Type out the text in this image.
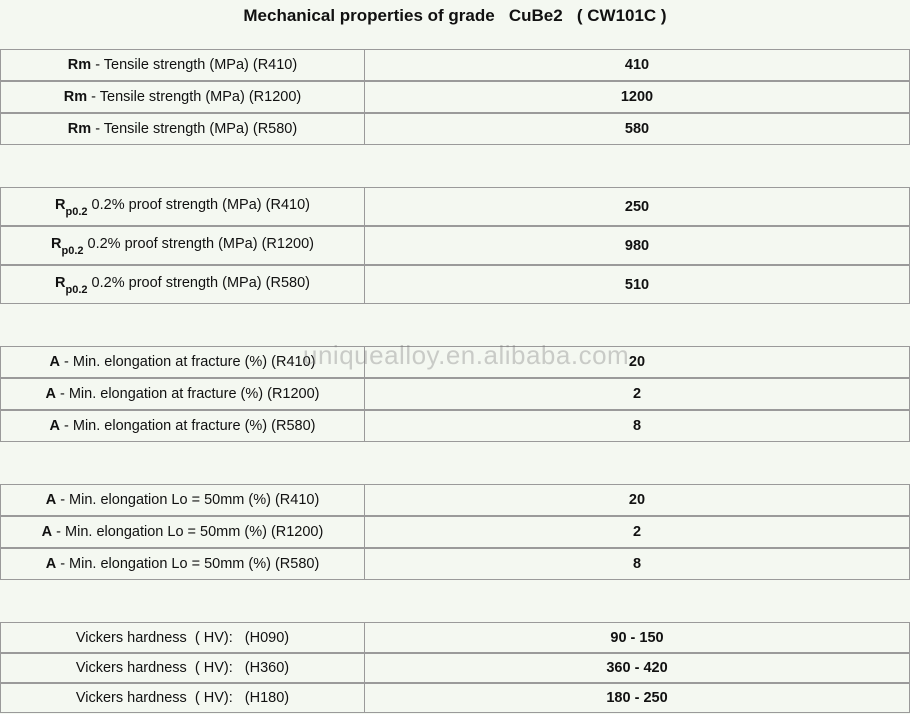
Mechanical properties of grade   CuBe2   ( CW101C )
Rm - Tensile strength (MPa) (R410)	410
Rm - Tensile strength (MPa) (R1200)	1200
Rm - Tensile strength (MPa) (R580)	580
$R_{p0.2}$ 0.2% proof strength (MPa) (R410)	250
$R_{p0.2}$ 0.2% proof strength (MPa) (R1200)	980
$R_{p0.2}$ 0.2% proof strength (MPa) (R580)	510
A - Min. elongation at fracture (%) (R410)	20
A - Min. elongation at fracture (%) (R1200)	2
A - Min. elongation at fracture (%) (R580)	8
A - Min. elongation Lo = 50mm (%) (R410)	20
A - Min. elongation Lo = 50mm (%) (R1200)	2
A - Min. elongation Lo = 50mm (%) (R580)	8
Vickers hardness  ( HV):   (H090)	90 - 150
Vickers hardness  ( HV):   (H360)	360 - 420
Vickers hardness  ( HV):   (H180)	180 - 250
uniquealloy.en.alibaba.com
